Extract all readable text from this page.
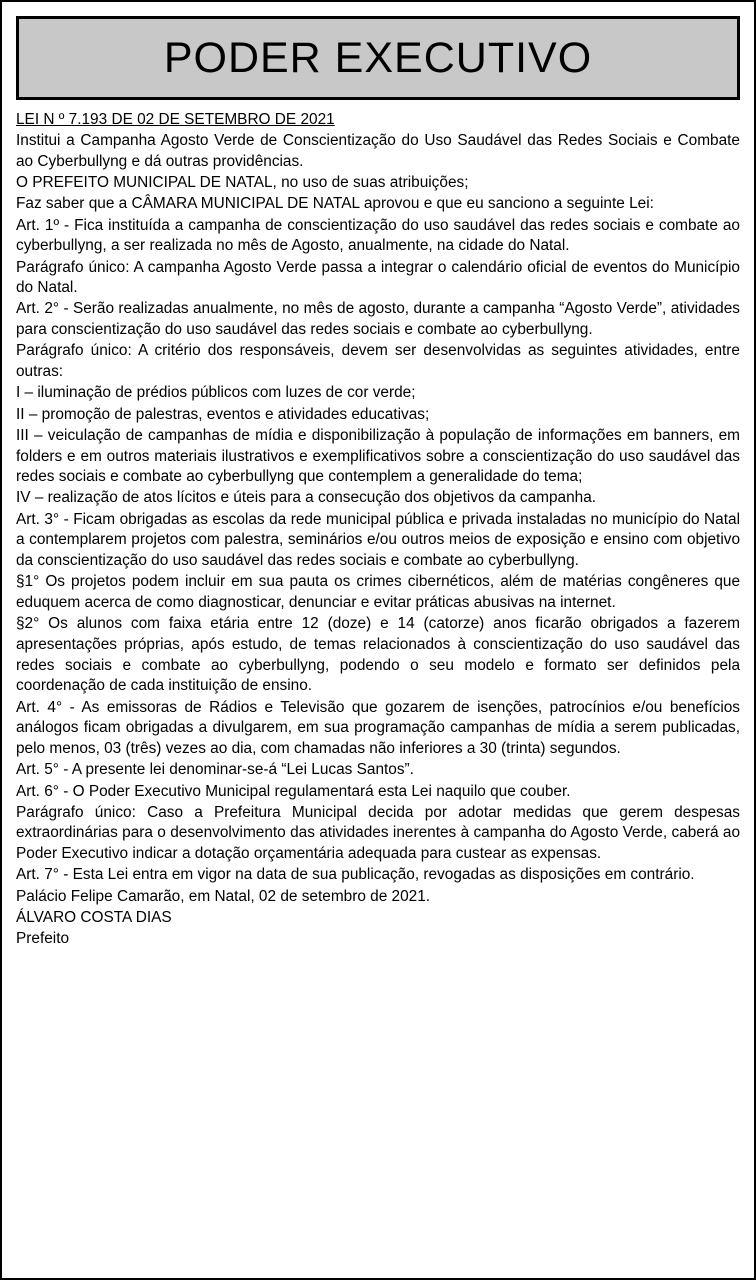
PODER EXECUTIVO

LEI N º 7.193 DE 02 DE SETEMBRO DE 2021

Institui a Campanha Agosto Verde de Conscientização do Uso Saudável das Redes Sociais e Combate ao Cyberbullyng e dá outras providências.

O PREFEITO MUNICIPAL DE NATAL, no uso de suas atribuições;

Faz saber que a CÂMARA MUNICIPAL DE NATAL aprovou e que eu sanciono a seguinte Lei:

Art. 1º - Fica instituída a campanha de conscientização do uso saudável das redes sociais e combate ao cyberbullyng, a ser realizada no mês de Agosto, anualmente, na cidade do Natal.

Parágrafo único: A campanha Agosto Verde passa a integrar o calendário oficial de eventos do Município do Natal.

Art. 2° - Serão realizadas anualmente, no mês de agosto, durante a campanha “Agosto Verde”, atividades para conscientização do uso saudável das redes sociais e combate ao cyberbullyng.

Parágrafo único: A critério dos responsáveis, devem ser desenvolvidas as seguintes atividades, entre outras:

I – iluminação de prédios públicos com luzes de cor verde;

II – promoção de palestras, eventos e atividades educativas;

III – veiculação de campanhas de mídia e disponibilização à população de informações em banners, em folders e em outros materiais ilustrativos e exemplificativos sobre a conscientização do uso saudável das redes sociais e combate ao cyberbullyng que contemplem a generalidade do tema;

IV – realização de atos lícitos e úteis para a consecução dos objetivos da campanha.

Art. 3° - Ficam obrigadas as escolas da rede municipal pública e privada instaladas no município do Natal a contemplarem projetos com palestra, seminários e/ou outros meios de exposição e ensino com objetivo da conscientização do uso saudável das redes sociais e combate ao cyberbullyng.

§1° Os projetos podem incluir em sua pauta os crimes cibernéticos, além de matérias congêneres que eduquem acerca de como diagnosticar, denunciar e evitar práticas abusivas na internet.

§2° Os alunos com faixa etária entre 12 (doze) e 14 (catorze) anos ficarão obrigados a fazerem apresentações próprias, após estudo, de temas relacionados à conscientização do uso saudável das redes sociais e combate ao cyberbullyng, podendo o seu modelo e formato ser definidos pela coordenação de cada instituição de ensino.

Art. 4° - As emissoras de Rádios e Televisão que gozarem de isenções, patrocínios e/ou benefícios análogos ficam obrigadas a divulgarem, em sua programação campanhas de mídia a serem publicadas, pelo menos, 03 (três) vezes ao dia, com chamadas não inferiores a 30 (trinta) segundos.

Art. 5° - A presente lei denominar-se-á “Lei Lucas Santos”.

Art. 6° - O Poder Executivo Municipal regulamentará esta Lei naquilo que couber.

Parágrafo único: Caso a Prefeitura Municipal decida por adotar medidas que gerem despesas extraordinárias para o desenvolvimento das atividades inerentes à campanha do Agosto Verde, caberá ao Poder Executivo indicar a dotação orçamentária adequada para custear as expensas.

Art. 7° - Esta Lei entra em vigor na data de sua publicação, revogadas as disposições em contrário.

Palácio Felipe Camarão, em Natal, 02 de setembro de 2021.

ÁLVARO COSTA DIAS

Prefeito
